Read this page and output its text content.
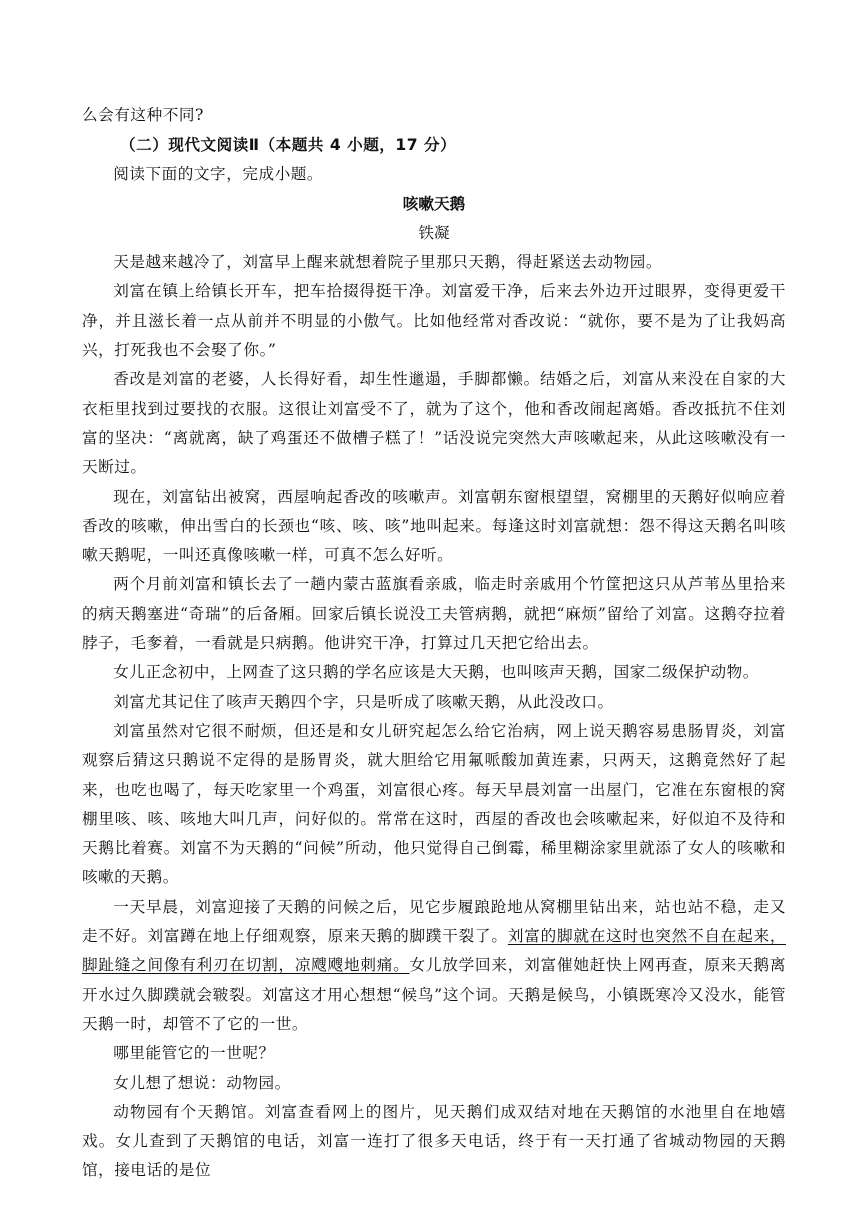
么会有这种不同?

（二）现代文阅读Ⅱ（本题共 4 小题，17 分）

阅读下面的文字，完成小题。

咳嗽天鹅

铁凝

天是越来越冷了，刘富早上醒来就想着院子里那只天鹅，得赶紧送去动物园。

刘富在镇上给镇长开车，把车拾掇得挺干净。刘富爱干净，后来去外边开过眼界，变得更爱干净，并且滋长着一点从前并不明显的小傲气。比如他经常对香改说：“就你，要不是为了让我妈高兴，打死我也不会娶了你。”

香改是刘富的老婆，人长得好看，却生性邋遢，手脚都懒。结婚之后，刘富从来没在自家的大衣柜里找到过要找的衣服。这很让刘富受不了，就为了这个，他和香改闹起离婚。香改抵抗不住刘富的坚决：“离就离，缺了鸡蛋还不做槽子糕了！”话没说完突然大声咳嗽起来，从此这咳嗽没有一天断过。

现在，刘富钻出被窝，西屋响起香改的咳嗽声。刘富朝东窗根望望，窝棚里的天鹅好似响应着香改的咳嗽，伸出雪白的长颈也“咳、咳、咳”地叫起来。每逢这时刘富就想：怨不得这天鹅名叫咳嗽天鹅呢，一叫还真像咳嗽一样，可真不怎么好听。

两个月前刘富和镇长去了一趟内蒙古蓝旗看亲戚，临走时亲戚用个竹筐把这只从芦苇丛里拾来的病天鹅塞进“奇瑞”的后备厢。回家后镇长说没工夫管病鹅，就把“麻烦”留给了刘富。这鹅夺拉着脖子，毛奓着，一看就是只病鹅。他讲究干净，打算过几天把它给出去。

女儿正念初中，上网查了这只鹅的学名应该是大天鹅，也叫咳声天鹅，国家二级保护动物。

刘富尤其记住了咳声天鹅四个字，只是听成了咳嗽天鹅，从此没改口。

刘富虽然对它很不耐烦，但还是和女儿研究起怎么给它治病，网上说天鹅容易患肠胃炎，刘富观察后猜这只鹅说不定得的是肠胃炎，就大胆给它用氟哌酸加黄连素，只两天，这鹅竟然好了起来，也吃也喝了，每天吃家里一个鸡蛋，刘富很心疼。每天早晨刘富一出屋门，它准在东窗根的窝棚里咳、咳、咳地大叫几声，问好似的。常常在这时，西屋的香改也会咳嗽起来，好似迫不及待和天鹅比着赛。刘富不为天鹅的“问候”所动，他只觉得自己倒霉，稀里糊涂家里就添了女人的咳嗽和咳嗽的天鹅。

一天早晨，刘富迎接了天鹅的问候之后，见它步履踉跄地从窝棚里钻出来，站也站不稳，走又走不好。刘富蹲在地上仔细观察，原来天鹅的脚蹼干裂了。刘富的脚就在这时也突然不自在起来，脚趾缝之间像有利刃在切割，凉飕飕地刺痛。女儿放学回来，刘富催她赶快上网再查，原来天鹅离开水过久脚蹼就会皲裂。刘富这才用心想想“候鸟”这个词。天鹅是候鸟，小镇既寒冷又没水，能管天鹅一时，却管不了它的一世。

哪里能管它的一世呢？

女儿想了想说：动物园。

动物园有个天鹅馆。刘富查看网上的图片，见天鹅们成双结对地在天鹅馆的水池里自在地嬉戏。女儿查到了天鹅馆的电话，刘富一连打了很多天电话，终于有一天打通了省城动物园的天鹅馆，接电话的是位
